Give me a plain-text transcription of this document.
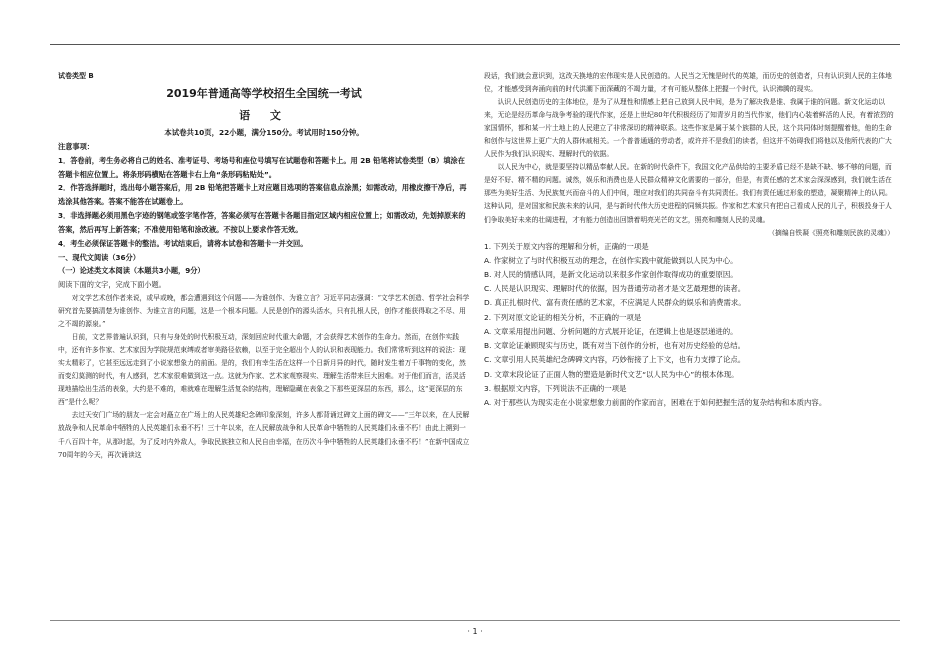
试卷类型 B

2019年普通高等学校招生全国统一考试

语 文

本试卷共10页，22小题，满分150分。考试用时150分钟。

注意事项：

1．答卷前，考生务必将自己的姓名、准考证号、考场号和座位号填写在试题卷和答题卡上。用 2B 铅笔将试卷类型（B）填涂在答题卡相应位置上。将条形码横贴在答题卡右上角“条形码粘贴处”。

2．作答选择题时，选出每小题答案后，用 2B 铅笔把答题卡上对应题目选项的答案信息点涂黑；如需改动，用橡皮擦干净后，再选涂其他答案。答案不能答在试题卷上。

3．非选择题必须用黑色字迹的钢笔或签字笔作答，答案必须写在答题卡各题目指定区域内相应位置上；如需改动，先划掉原来的答案，然后再写上新答案；不准使用铅笔和涂改液。不按以上要求作答无效。

4．考生必须保证答题卡的整洁。考试结束后，请将本试卷和答题卡一并交回。

一、现代文阅读（36分）

（一）论述类文本阅读（本题共3小题，9分）

阅读下面的文字，完成下面小题。

对文学艺术创作者来说，或早或晚，都会遭遇到这个问题——为谁创作、为谁立言？习近平同志强调：“文学艺术创造、哲学社会科学研究首先要搞清楚为谁创作、为谁立言的问题，这是一个根本问题。人民是创作的源头活水，只有扎根人民，创作才能获得取之不尽、用之不竭的源泉。”

日前，文艺界普遍认识到，只有与身处的时代积极互动，深刻回应时代重大命题，才会获得艺术创作的生命力。然而，在创作实践中，还有许多作家、艺术家因为学院规范束缚或者审美路径依赖，以至于完全超出个人的认识和表现能力。我们常常听到这样的说法：现实太精彩了，它甚至远远走到了小说家想象力的前面。是的，我们有幸生活在这样一个日新月异的时代，随时发生着万千事物的变化，然而变幻莫测的时代，有人感到，艺术家很难做到这一点。这就为作家、艺术家观察现实、理解生活带来巨大困难。对于他们而言，活灵活现地描绘出生活的表象，大约是不难的，难就难在理解生活复杂的结构，理解隐藏在表象之下那些更深层的东西，那么，这“更深层的东西”是什么呢？

去过天安门广场的朋友一定会对矗立在广场上的人民英雄纪念碑印象深刻，许多人都背诵过碑文上面的碑文——“三年以来，在人民解放战争和人民革命中牺牲的人民英雄们永垂不朽！三十年以来，在人民解放战争和人民革命中牺牲的人民英雄们永垂不朽！由此上溯到一千八百四十年，从那时起，为了反对内外敌人，争取民族独立和人民自由幸福，在历次斗争中牺牲的人民英雄们永垂不朽！”在新中国成立70周年的今天，再次诵读这

段话，我们就会意识到，这改天换地的宏伟现实是人民创造的。人民当之无愧是时代的英雄，而历史的创造者，只有认识到人民的主体地位，才能感受到奔涌向前的时代洪潮下面深藏的不竭力量，才有可能从整体上把握一个时代，认识沸腾的现实。

认识人民创造历史的主体地位，是为了从理性和情感上把自己放到人民中间，是为了解决我是谁、我属于谁的问题。新文化运动以来，无论是经历革命与战争考验的现代作家，还是上世纪80年代积极经历了知青岁月的当代作家，他们内心装着鲜活的人民，有着浓烈的家国情怀，都和某一片土地上的人民建立了非常深切的精神联系。这些作家是属于某个族群的人民，这个共同体时刻提醒着他，他的生命和创作与这世界上更广大的人群休戚相关。一个普普通通的劳动者，或许并不是我们的读者，但这并不妨碍我们将他以及他所代表的广大人民作为我们认识现实、理解时代的依据。

以人民为中心，就是要坚持以精品奉献人民。在新的时代条件下，我国文化产品供给的主要矛盾已经不是缺不缺、够不够的问题，而是好不好、精不精的问题。诚然，娱乐和消费也是人民群众精神文化需要的一部分，但是，有责任感的艺术家会深深感到，我们就生活在那些为美好生活、为民族复兴而奋斗的人们中间，理应对我们的共同奋斗有共同责任。我们有责任通过形象的塑造，凝聚精神上的认同。这种认同，是对国家和民族未来的认同，是与新时代伟大历史进程的同频共振。作家和艺术家只有把自己看成人民的儿子，积极投身于人们争取美好未来的壮阔进程，才有能力创造出回馈着明亮光芒的文艺，照亮和雕刻人民的灵魂。

（摘编自铁凝《照亮和雕刻民族的灵魂》）

1. 下列关于原文内容的理解和分析，正确的一项是

A. 作家树立了与时代积极互动的理念，在创作实践中就能做到以人民为中心。

B. 对人民的情感认同，是新文化运动以来很多作家创作取得成功的重要原因。

C. 人民是认识现实、理解时代的依据，因为普通劳动者才是文艺最理想的读者。

D. 真正扎根时代、富有责任感的艺术家，不应满足人民群众的娱乐和消费需求。

2. 下列对原文论证的相关分析，不正确的一项是

A. 文章采用提出问题、分析问题的方式展开论证，在逻辑上也是逐层递进的。

B. 文章论证兼顾现实与历史，既有对当下创作的分析，也有对历史经验的总结。

C. 文章引用人民英雄纪念碑碑文内容，巧妙衔接了上下文，也有力支撑了论点。

D. 文章末段论证了正面人物的塑造是新时代文艺“以人民为中心”的根本体现。

3. 根据原文内容，下列说法不正确的一项是

A. 对于那些认为现实走在小说家想象力前面的作家而言，困难在于如何把握生活的复杂结构和本质内容。

· 1 ·
